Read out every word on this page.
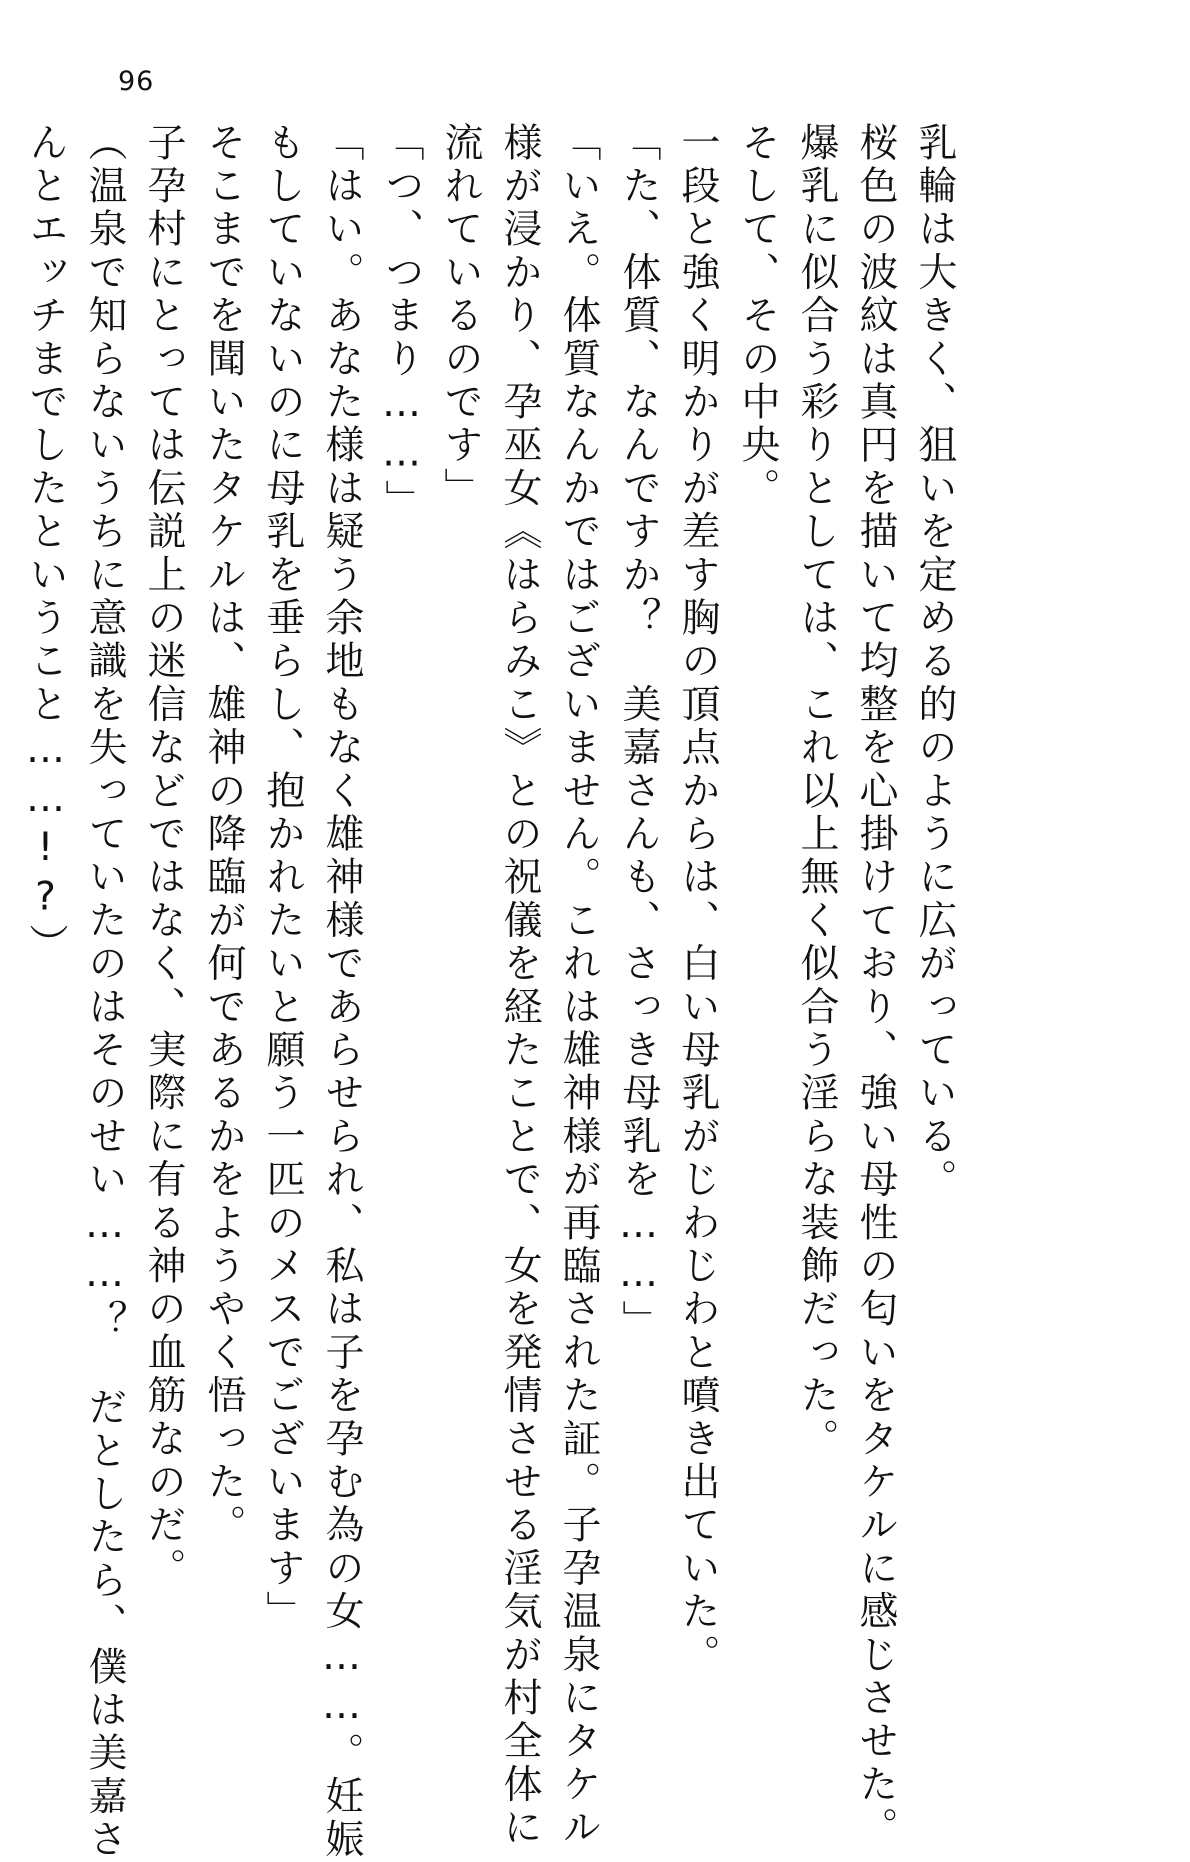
96
乳輪は大きく、狙いを定める的のように広がっている。
桜色の波紋は真円を描いて均整を心掛けており、強い母性の匂いをタケルに感じさせた。
爆乳に似合う彩りとしては、これ以上無く似合う淫らな装飾だった。
そして、その中央。
一段と強く明かりが差す胸の頂点からは、白い母乳がじわじわと噴き出ていた。
「た、体質、なんですか？　美嘉さんも、さっき母乳を……」
「いえ。体質なんかではございません。これは雄神様が再臨された証。子孕温泉にタケル
様が浸かり、孕巫女《はらみこ》との祝儀を経たことで、女を発情させる淫気が村全体に
流れているのです」
「つ、つまり……」
「はい。あなた様は疑う余地もなく雄神様であらせられ、私は子を孕む為の女……。妊娠
もしていないのに母乳を垂らし、抱かれたいと願う一匹のメスでございます」
そこまでを聞いたタケルは、雄神の降臨が何であるかをようやく悟った。
子孕村にとっては伝説上の迷信などではなく、実際に有る神の血筋なのだ。
（温泉で知らないうちに意識を失っていたのはそのせい……？　だとしたら、僕は美嘉さ
んとエッチまでしたということ……!?）
